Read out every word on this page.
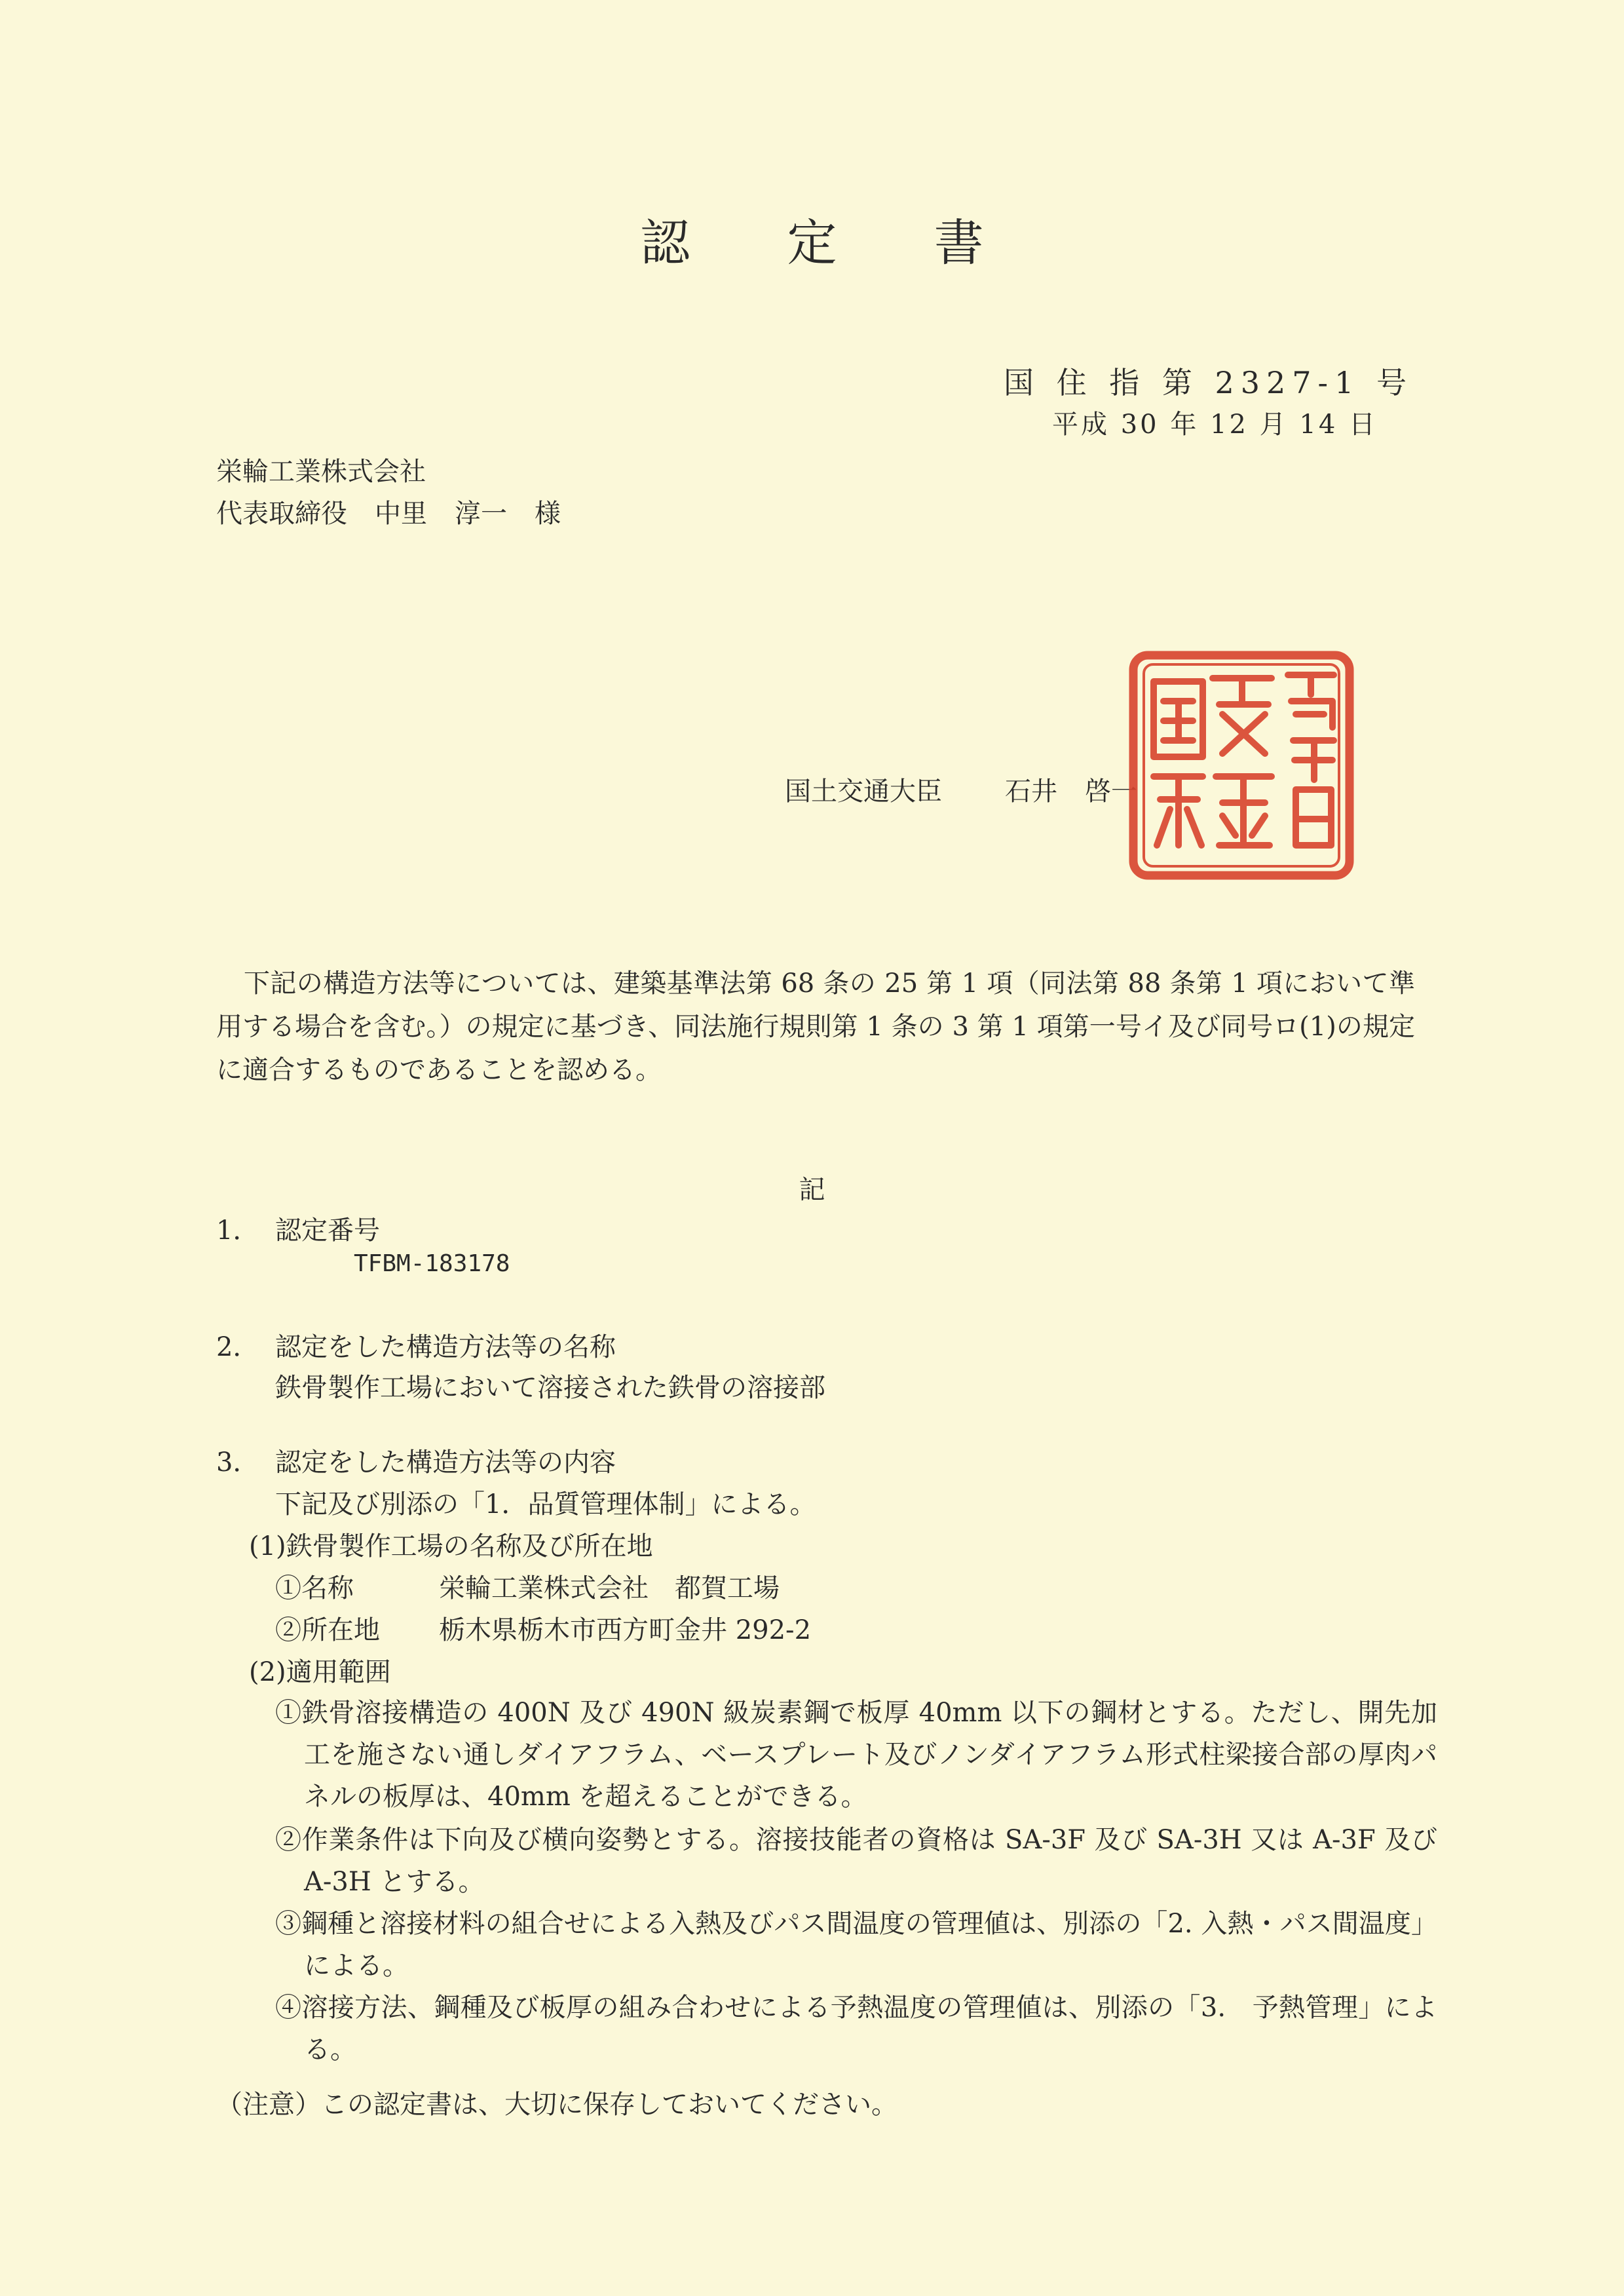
認 定 書
国 住 指 第 2327-1 号
平成 30 年 12 月 14 日
栄輪工業株式会社
代表取締役 中里 淳一 様
国土交通大臣 石井 啓一
下記の構造方法等については、建築基準法第 68 条の 25 第 1 項（同法第 88 条第 1 項において準用する場合を含む。）の規定に基づき、同法施行規則第 1 条の 3 第 1 項第一号イ及び同号ロ(1)の規定に適合するものであることを認める。
記
1． 認定番号
TFBM-183178
2． 認定をした構造方法等の名称
鉄骨製作工場において溶接された鉄骨の溶接部
3． 認定をした構造方法等の内容
下記及び別添の「1．品質管理体制」による。
(1)鉄骨製作工場の名称及び所在地
①名称	栄輪工業株式会社　都賀工場
②所在地 栃木県栃木市西方町金井 292-2
(2)適用範囲
①鉄骨溶接構造の 400N 及び 490N 級炭素鋼で板厚 40mm 以下の鋼材とする。ただし、開先加工を施さない通しダイアフラム、ベースプレート及びノンダイアフラム形式柱梁接合部の厚肉パネルの板厚は、40mm を超えることができる。
②作業条件は下向及び横向姿勢とする。溶接技能者の資格は SA-3F 及び SA-3H 又は A-3F 及び A-3H とする。
③鋼種と溶接材料の組合せによる入熱及びパス間温度の管理値は、別添の「2. 入熱・パス間温度」による。
④溶接方法、鋼種及び板厚の組み合わせによる予熱温度の管理値は、別添の「3.　予熱管理」による。
（注意）この認定書は、大切に保存しておいてください。
